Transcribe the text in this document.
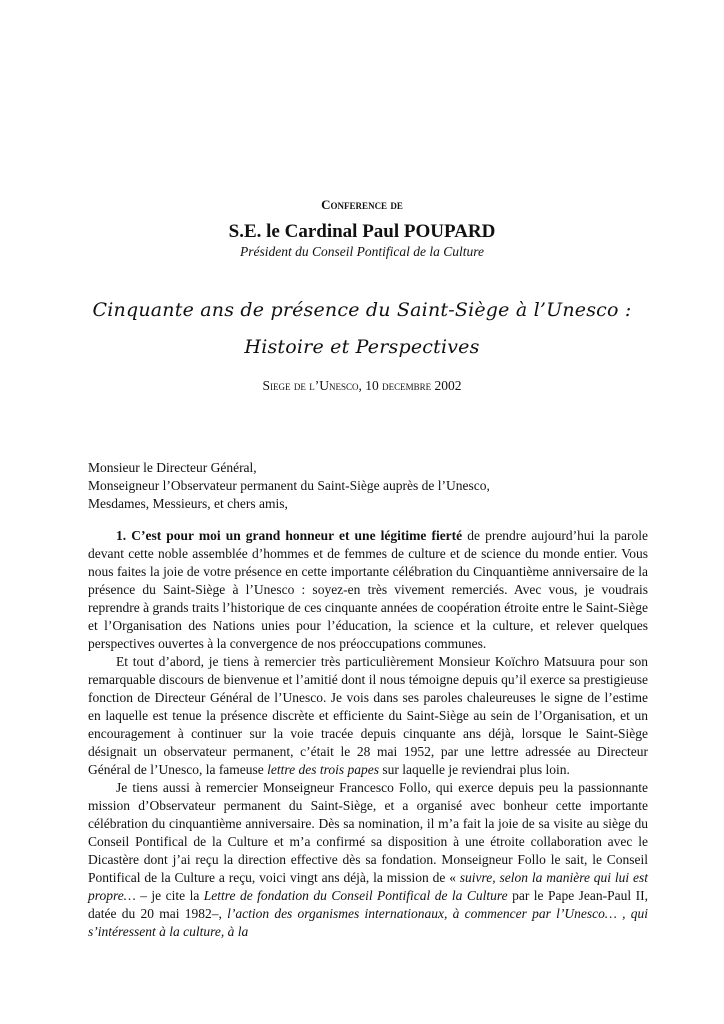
Conference de
S.E. le Cardinal Paul POUPARD
Président du Conseil Pontifical de la Culture
Cinquante ans de présence du Saint-Siège à l’Unesco :
Histoire et Perspectives
Siege de l’Unesco, 10 decembre 2002
Monsieur le Directeur Général,
Monseigneur l’Observateur permanent du Saint-Siège auprès de l’Unesco,
Mesdames, Messieurs, et chers amis,

1. C’est pour moi un grand honneur et une légitime fierté de prendre aujourd’hui la parole devant cette noble assemblée d’hommes et de femmes de culture et de science du monde entier. Vous nous faites la joie de votre présence en cette importante célébration du Cinquantième anniversaire de la présence du Saint-Siège à l’Unesco : soyez-en très vivement remerciés. Avec vous, je voudrais reprendre à grands traits l’historique de ces cinquante années de coopération étroite entre le Saint-Siège et l’Organisation des Nations unies pour l’éducation, la science et la culture, et relever quelques perspectives ouvertes à la convergence de nos préoccupations communes.

Et tout d’abord, je tiens à remercier très particulièrement Monsieur Koïchro Matsuura pour son remarquable discours de bienvenue et l’amitié dont il nous témoigne depuis qu’il exerce sa prestigieuse fonction de Directeur Général de l’Unesco. Je vois dans ses paroles chaleureuses le signe de l’estime en laquelle est tenue la présence discrète et efficiente du Saint-Siège au sein de l’Organisation, et un encouragement à continuer sur la voie tracée depuis cinquante ans déjà, lorsque le Saint-Siège désignait un observateur permanent, c’était le 28 mai 1952, par une lettre adressée au Directeur Général de l’Unesco, la fameuse lettre des trois papes sur laquelle je reviendrai plus loin.

Je tiens aussi à remercier Monseigneur Francesco Follo, qui exerce depuis peu la passionnante mission d’Observateur permanent du Saint-Siège, et a organisé avec bonheur cette importante célébration du cinquantième anniversaire. Dès sa nomination, il m’a fait la joie de sa visite au siège du Conseil Pontifical de la Culture et m’a confirmé sa disposition à une étroite collaboration avec le Dicastère dont j’ai reçu la direction effective dès sa fondation. Monseigneur Follo le sait, le Conseil Pontifical de la Culture a reçu, voici vingt ans déjà, la mission de « suivre, selon la manière qui lui est propre… – je cite la Lettre de fondation du Conseil Pontifical de la Culture par le Pape Jean-Paul II, datée du 20 mai 1982–, l’action des organismes internationaux, à commencer par l’Unesco… , qui s’intéressent à la culture, à la
